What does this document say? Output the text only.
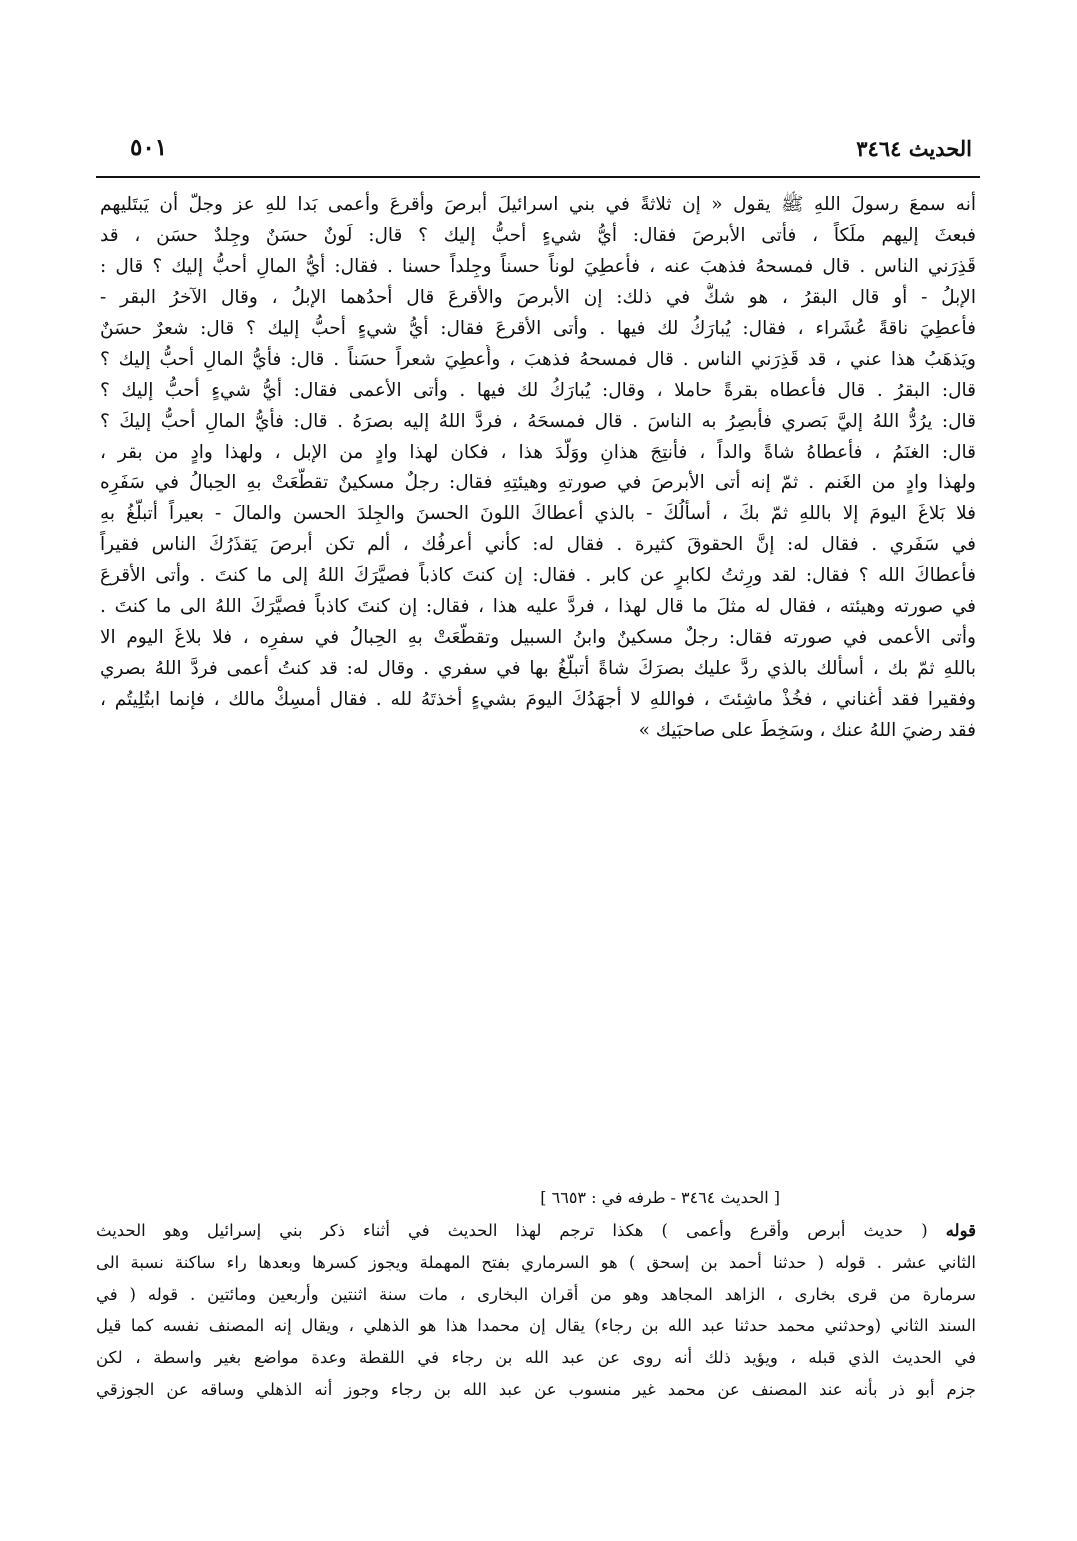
الحديث ٣٤٦٤
٥٠١
أنه سمعَ رسولَ اللهِ ﷺ يقول « إن ثلاثةً في بني اسرائيلَ أبرصَ وأقرعَ وأعمى بَدا للهِ عز وجلّ أن يَبتَليهم
فبعثَ إليهم ملَكاً ، فأتى الأبرصَ فقال: أيُّ شيءٍ أحبُّ إليك ؟ قال: لَونٌ حسَنٌ وجِلدٌ حسَن ، قد
قَذِرَني الناس . قال فمسحهُ فذهبَ عنه ، فأُعطِيَ لوناً حسناً وجِلداً حسنا . فقال: أيُّ المالِ أحبُّ إليك ؟ قال :
الإبلُ - أو قال البقرُ ، هو شكٌّ في ذلك: إن الأبرصَ والأقرعَ قال أحدُهما الإبلُ ، وقال الآخرُ البقر -
فأُعطِيَ ناقةً عُشَراء ، فقال: يُبارَكُ لك فيها . وأتى الأقرعَ فقال: أيُّ شيءٍ أحبُّ إليك ؟ قال: شعرٌ حسَنٌ
ويَذهَبُ هذا عني ، قد قَذِرَني الناس . قال فمسحهُ فذهبَ ، وأُعطِيَ شعراً حسَناً . قال: فأيُّ المالِ أحبُّ إليك ؟
قال: البقرُ . قال فأعطاه بقرةً حاملا ، وقال: يُبارَكُ لك فيها . وأتى الأعمى فقال: أيُّ شيءٍ أحبُّ إليك ؟
قال: يرُدُّ اللهُ إليَّ بَصري فأُبصِرُ به الناسَ . قال فمسحَهُ ، فردَّ اللهُ إليه بصرَهُ . قال: فأيُّ المالِ أحبُّ إليكَ ؟
قال: الغنَمُ ، فأعطاهُ شاةً والداً ، فأُنتِجَ هذانِ ووَلَّدَ هذا ، فكان لهذا وادٍ من الإبل ، ولهذا وادٍ من بقر ،
ولهذا وادٍ من الغَنم . ثمّ إنه أتى الأبرصَ في صورتهِ وهيئتِهِ فقال: رجلٌ مسكينٌ تقطَّعَتْ بهِ الحِبالُ في سَفَرِه
فلا بَلاغَ اليومَ إلا باللهِ ثمّ بكَ ، أسألُكَ - بالذي أعطاكَ اللونَ الحسنَ والجِلدَ الحسن والمالَ - بعيراً أتبلَّغُ بهِ
في سَفَري . فقال له: إنَّ الحقوقَ كثيرة . فقال له: كأني أعرفُك ، ألم تكن أبرصَ يَقذَرُكَ الناس فقيراً
فأعطاكَ الله ؟ فقال: لقد ورِثتُ لكابرٍ عن كابر . فقال: إن كنتَ كاذباً فصيَّرَكَ اللهُ إلى ما كنتَ . وأتى الأقرعَ
في صورته وهيئته ، فقال له مثلَ ما قال لهذا ، فردَّ عليه هذا ، فقال: إن كنتَ كاذباً فصيَّرَكَ اللهُ الى ما كنتَ .
وأتى الأعمى في صورته فقال: رجلٌ مسكينٌ وابنُ السبيل وتقطَّعَتْ بهِ الحِبالُ في سفرِه ، فلا بلاغَ اليوم الا
باللهِ ثمّ بك ، أسألك بالذي ردَّ عليك بصرَكَ شاةً أتبلَّغُ بها في سفري . وقال له: قد كنتُ أعمى فردَّ اللهُ بصري
وفقيرا فقد أغناني ، فخُذْ ماشِئتَ ، فواللهِ لا أجهَدُكَ اليومَ بشيءٍ أخذتَهُ لله . فقال أمسِكْ مالك ، فإنما ابتُلِيتُم ،
فقد رضيَ اللهُ عنك ، وسَخِطَ على صاحبَيك »
[ الحديث ٣٤٦٤ - طرفه في : ٦٦٥٣ ]
قوله ( حديث أبرص وأقرع وأعمى ) هكذا ترجم لهذا الحديث في أثناء ذكر بني إسرائيل وهو الحديث
الثاني عشر . قوله ( حدثنا أحمد بن إسحق ) هو السرماري بفتح المهملة ويجوز كسرها وبعدها راء ساكنة نسبة الى
سرمارة من قرى بخارى ، الزاهد المجاهد وهو من أقران البخارى ، مات سنة اثنتين وأربعين ومائتين . قوله ( في
السند الثاني (وحدثني محمد حدثنا عبد الله بن رجاء) يقال إن محمدا هذا هو الذهلي ، ويقال إنه المصنف نفسه كما قيل
في الحديث الذي قبله ، ويؤيد ذلك أنه روى عن عبد الله بن رجاء في اللقطة وعدة مواضع بغير واسطة ، لكن
جزم أبو ذر بأنه عند المصنف عن محمد غير منسوب عن عبد الله بن رجاء وجوز أنه الذهلي وساقه عن الجوزقي
